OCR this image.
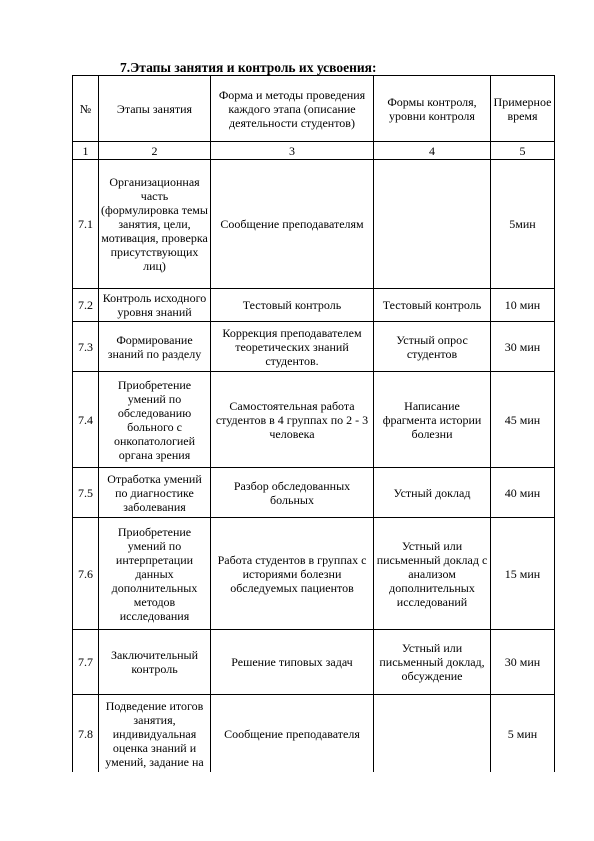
7.Этапы занятия и контроль их усвоения:
№	Этапы занятия	Форма и методы проведения каждого этапа (описание деятельности студентов)	Формы контроля, уровни контроля	Примерное время
1	2	3	4	5
7.1	Организационная часть (формулировка темы занятия, цели, мотивация, проверка присутствующих лиц)	Сообщение преподавателям		5мин
7.2	Контроль исходного уровня знаний	Тестовый контроль	Тестовый контроль	10 мин
7.3	Формирование знаний по разделу	Коррекция преподавателем теоретических знаний студентов.	Устный опрос студентов	30 мин
7.4	Приобретение умений по обследованию больного с онкопатологией органа зрения	Самостоятельная работа студентов в 4 группах по 2 - 3 человека	Написание фрагмента истории болезни	45 мин
7.5	Отработка умений по диагностике заболевания	Разбор обследованных больных	Устный доклад	40 мин
7.6	Приобретение умений по интерпретации данных дополнительных методов исследования	Работа студентов в группах с историями болезни обследуемых пациентов	Устный или письменный доклад с анализом дополнительных исследований	15 мин
7.7	Заключительный контроль	Решение типовых задач	Устный или письменный доклад, обсуждение	30 мин
7.8	Подведение итогов занятия, индивидуальная оценка знаний и умений, задание на	Сообщение преподавателя		5 мин
